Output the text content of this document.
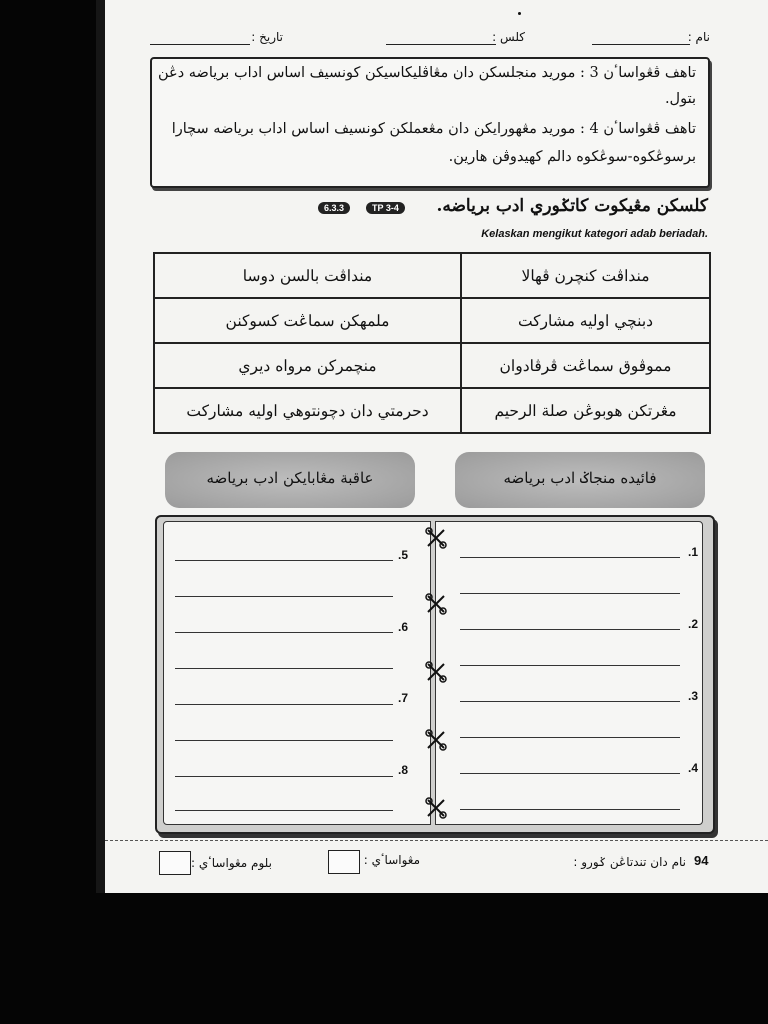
نام :
کلس :
تاريخ :

تاهف ڤڠواساٴن 3 : موريد منجلسکن دان مڠاڤليکاسيکن کونسيف اساس اداب برياضه دڠن

بتول.

تاهف ڤڠواساٴن 4 : موريد مڠهورايکن دان مڠعملکن کونسيف اساس اداب برياضه سچارا

برسوڠکوه-سوڠکوه دالم کهيدوڤن هارين.

کلسکن مڠيکوت کاتݢوري ادب برياضه.
TP 3-4
6.3.3
Kelaskan mengikut kategori adab beriadah.
منداڤت بالسن دوسا	منداڤت کنچرن ڤهالا
ملمهکن سماڠت کسوکنن	دبنچي اوليه مشارکت
منچمرکن مرواه ديري	مموڤوق سماڠت ڤرڤادوان
دحرمتي دان دچونتوهي اوليه مشارکت	مڠرتکن هوبوڠن صلة الرحيم
فائيده منجاݢ ادب برياضه
عاقبة مڠابايکن ادب برياضه
.1
.2
.3
.4
.5
.6
.7
.8
94
نام دان تندتاڠن ݢورو :
مڠواساٴي :
بلوم مڠواساٴي :
